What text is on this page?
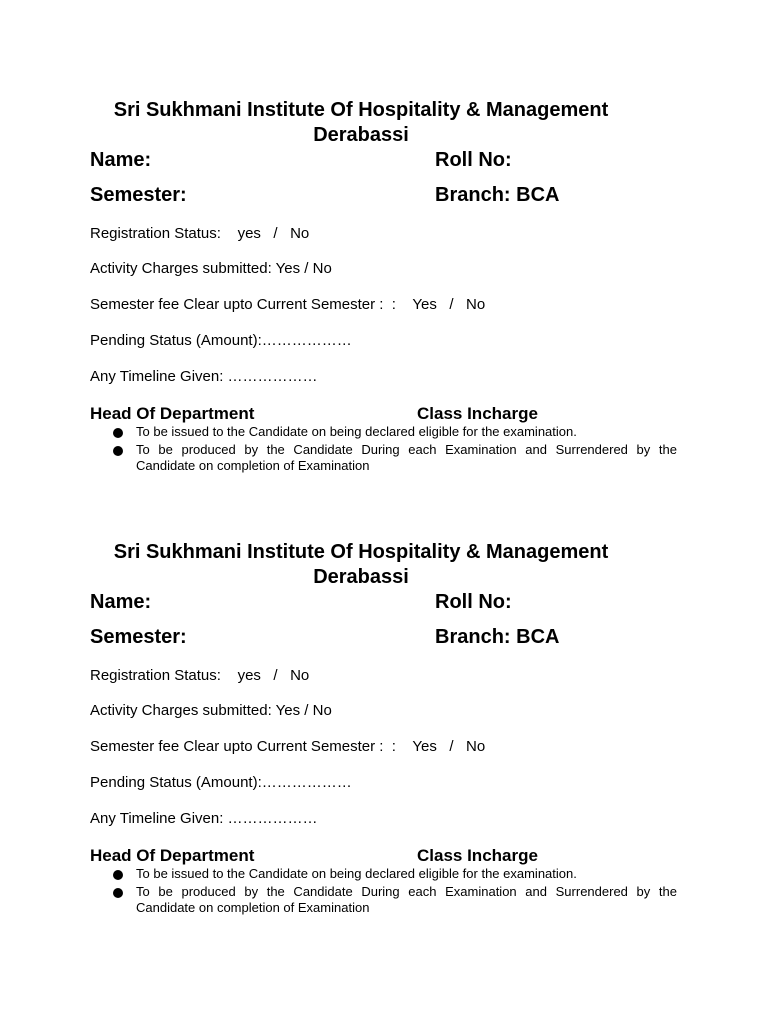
Sri Sukhmani Institute Of Hospitality & Management
Derabassi
Name:	Roll No:
Semester:	Branch: BCA
Registration Status:    yes   /   No
Activity Charges submitted: Yes / No
Semester fee Clear upto Current Semester :  :    Yes   /   No
Pending Status (Amount):………………
Any Timeline Given: ………………
Head Of Department	Class Incharge
To be issued to the Candidate on being declared eligible for the examination.
To be produced by the Candidate During each Examination and Surrendered by the Candidate on completion of Examination
Sri Sukhmani Institute Of Hospitality & Management
Derabassi
Name:	Roll No:
Semester:	Branch: BCA
Registration Status:    yes   /   No
Activity Charges submitted: Yes / No
Semester fee Clear upto Current Semester :  :    Yes   /   No
Pending Status (Amount):………………
Any Timeline Given: ………………
Head Of Department	Class Incharge
To be issued to the Candidate on being declared eligible for the examination.
To be produced by the Candidate During each Examination and Surrendered by the Candidate on completion of Examination
